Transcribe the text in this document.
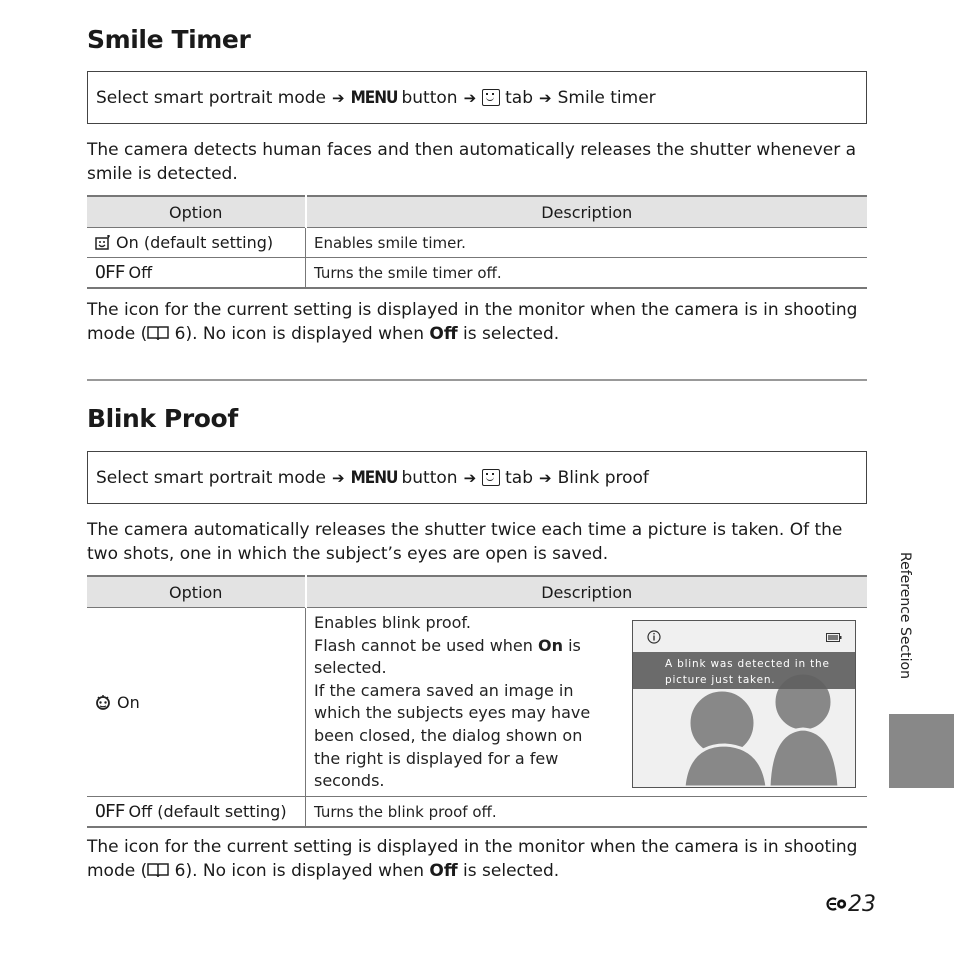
Smile Timer
Select smart portrait mode ➔ MENU button ➔ tab ➔ Smile timer
The camera detects human faces and then automatically releases the shutter whenever a smile is detected.
Option	Description
On (default setting)	Enables smile timer.
OFF Off	Turns the smile timer off.
The icon for the current setting is displayed in the monitor when the camera is in shooting mode ( 6). No icon is displayed when Off is selected.
Blink Proof
Select smart portrait mode ➔ MENU button ➔ tab ➔ Blink proof
The camera automatically releases the shutter twice each time a picture is taken. Of the two shots, one in which the subject’s eyes are open is saved.
Option	Description
On	Enables blink proof.
Flash cannot be used when On is selected.
If the camera saved an image in which the subjects eyes may have been closed, the dialog shown on the right is displayed for a few seconds.
A blink was detected in the picture just taken.

OFF Off (default setting)	Turns the blink proof off.
The icon for the current setting is displayed in the monitor when the camera is in shooting mode ( 6). No icon is displayed when Off is selected.
Reference Section
23
